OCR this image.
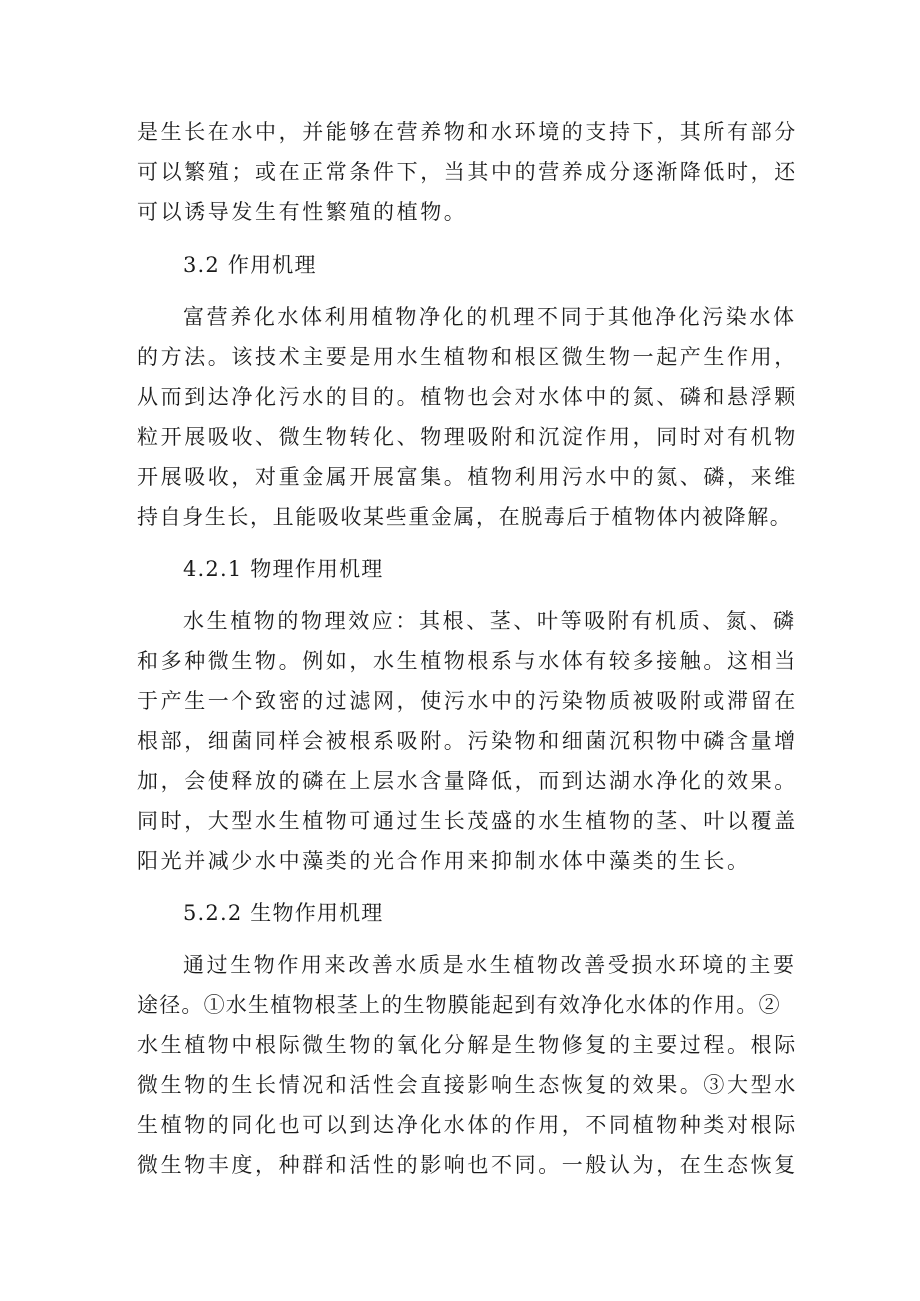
是生长在水中，并能够在营养物和水环境的支持下，其所有部分
可以繁殖；或在正常条件下，当其中的营养成分逐渐降低时，还
可以诱导发生有性繁殖的植物。
3.2 作用机理
富营养化水体利用植物净化的机理不同于其他净化污染水体
的方法。该技术主要是用水生植物和根区微生物一起产生作用，
从而到达净化污水的目的。植物也会对水体中的氮、磷和悬浮颗
粒开展吸收、微生物转化、物理吸附和沉淀作用，同时对有机物
开展吸收，对重金属开展富集。植物利用污水中的氮、磷，来维
持自身生长，且能吸收某些重金属，在脱毒后于植物体内被降解。
4.2.1 物理作用机理
水生植物的物理效应：其根、茎、叶等吸附有机质、氮、磷
和多种微生物。例如，水生植物根系与水体有较多接触。这相当
于产生一个致密的过滤网，使污水中的污染物质被吸附或滞留在
根部，细菌同样会被根系吸附。污染物和细菌沉积物中磷含量增
加，会使释放的磷在上层水含量降低，而到达湖水净化的效果。
同时，大型水生植物可通过生长茂盛的水生植物的茎、叶以覆盖
阳光并减少水中藻类的光合作用来抑制水体中藻类的生长。
5.2.2 生物作用机理
通过生物作用来改善水质是水生植物改善受损水环境的主要
途径。①水生植物根茎上的生物膜能起到有效净化水体的作用。②
水生植物中根际微生物的氧化分解是生物修复的主要过程。根际
微生物的生长情况和活性会直接影响生态恢复的效果。③大型水
生植物的同化也可以到达净化水体的作用，不同植物种类对根际
微生物丰度，种群和活性的影响也不同。一般认为，在生态恢复
